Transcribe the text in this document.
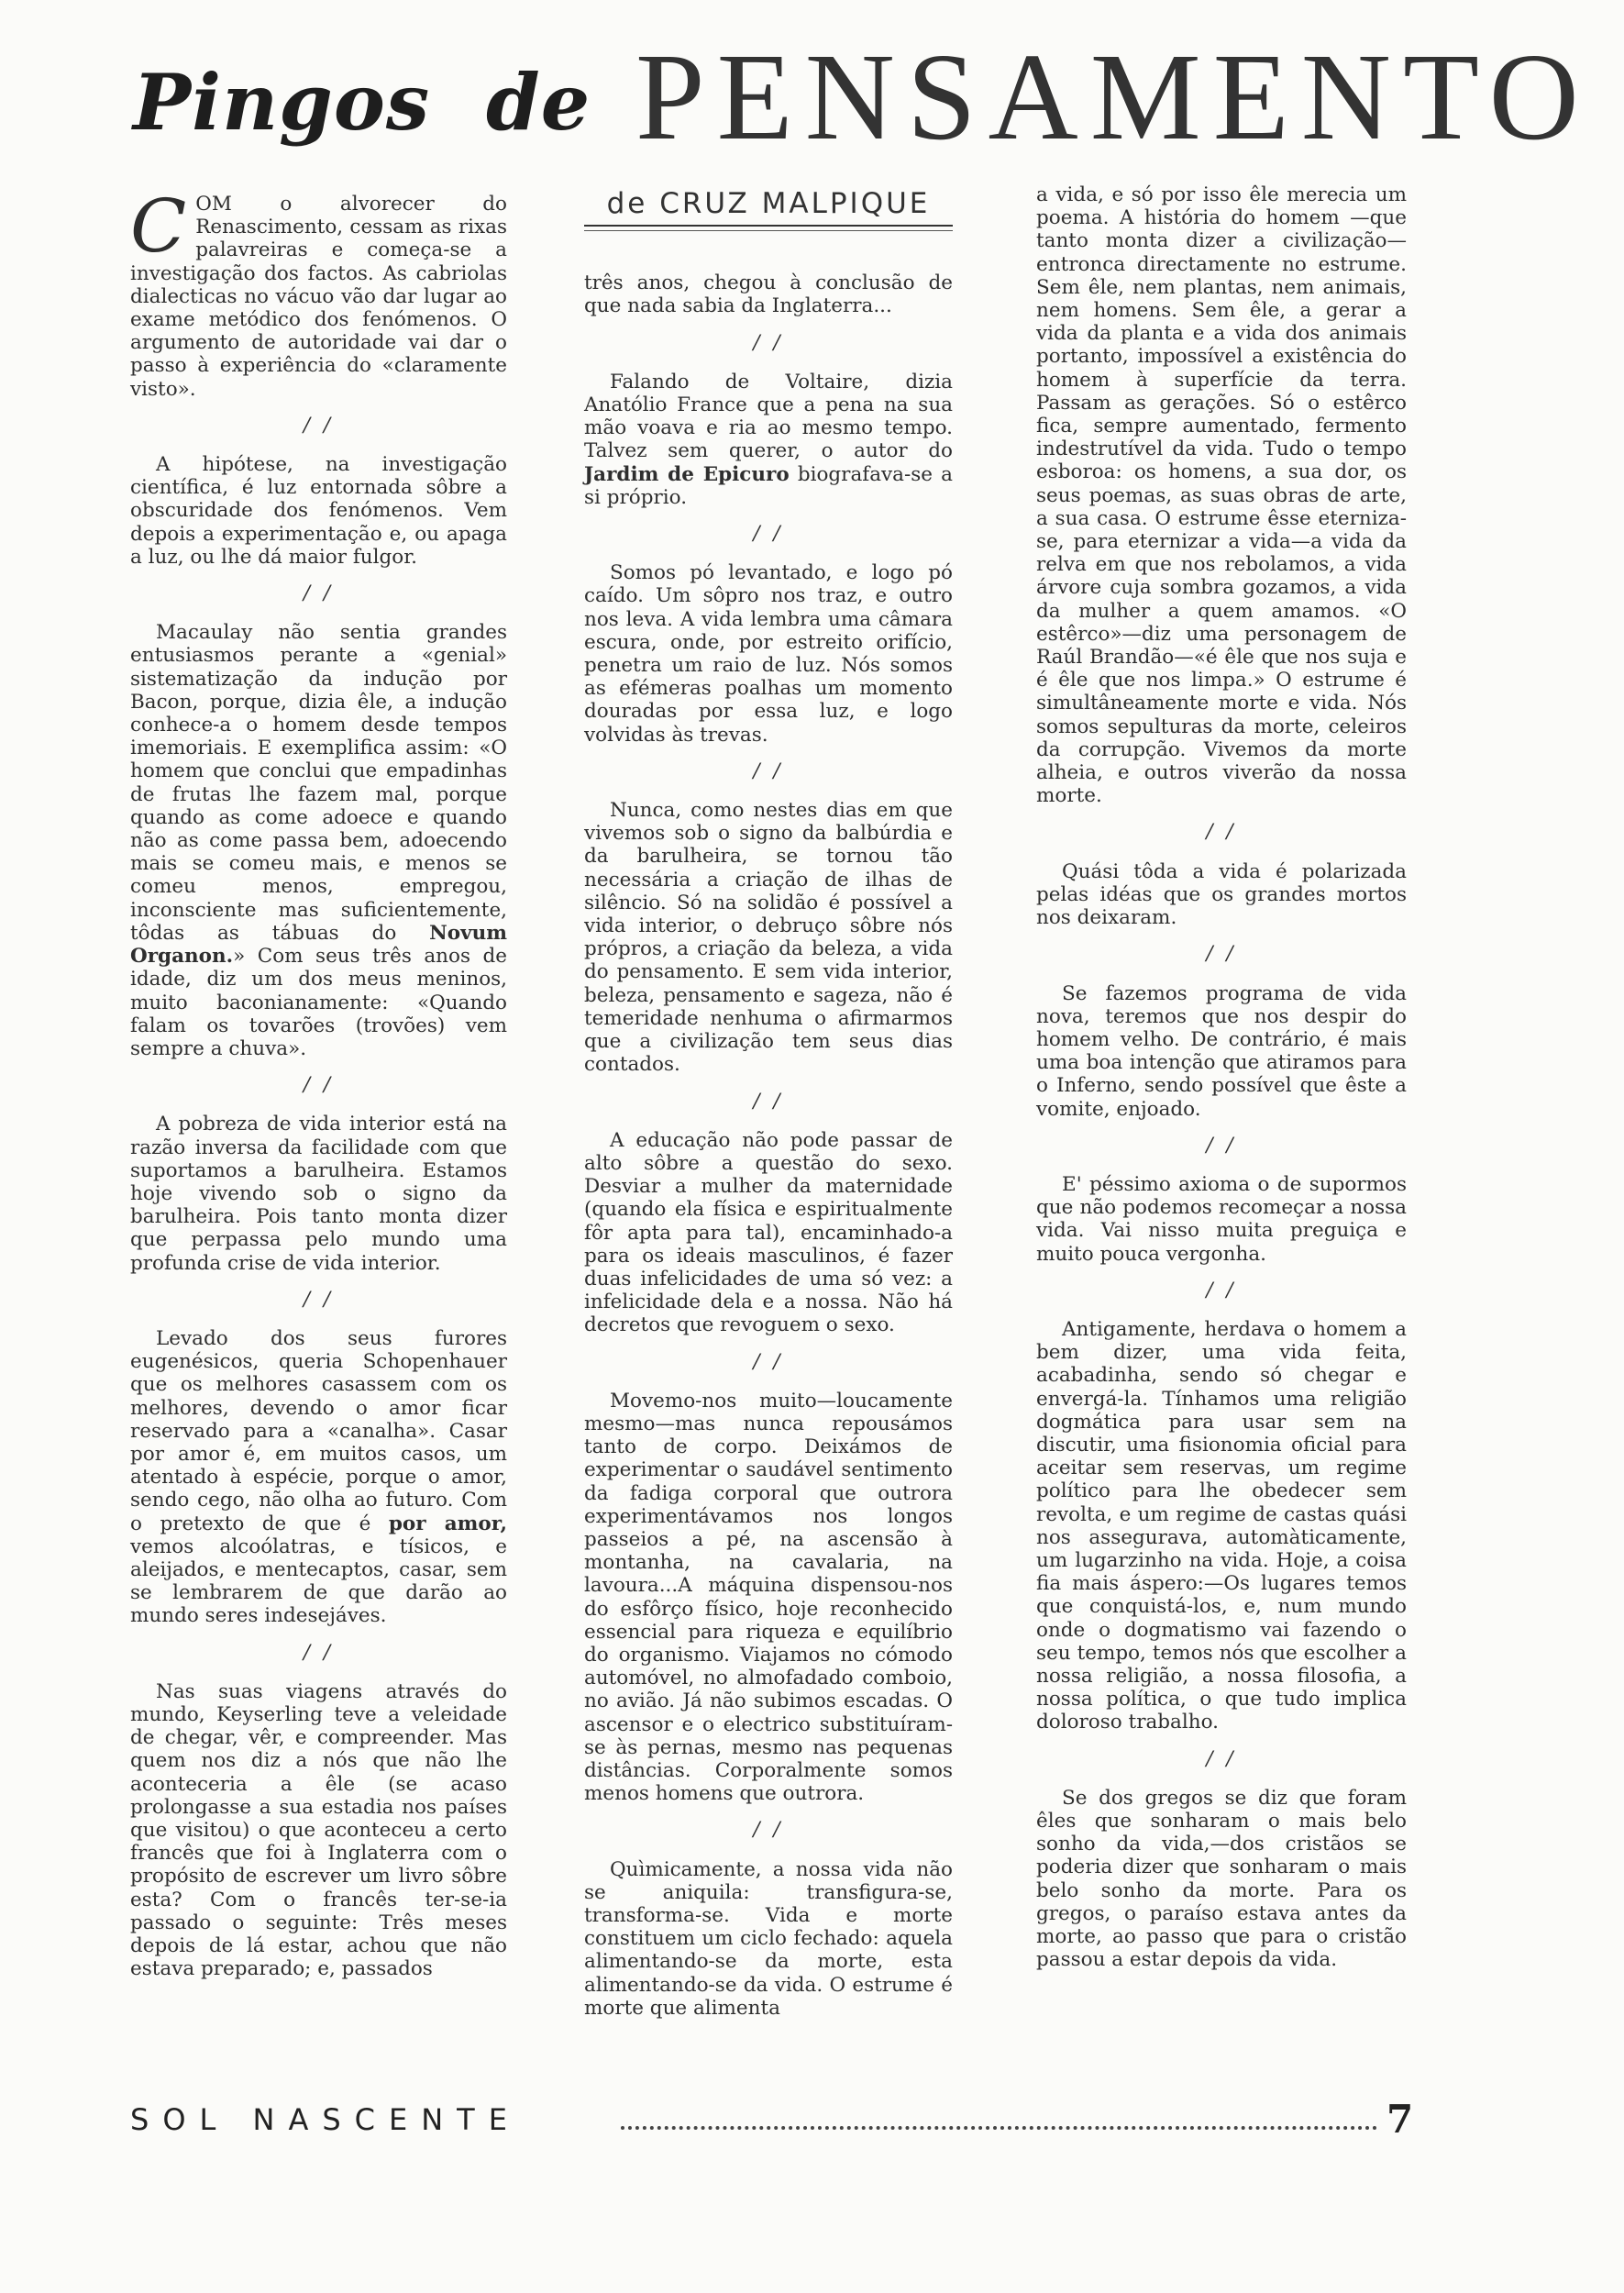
Pingos de PENSAMENTO

COM o alvorecer do Renascimento, cessam as rixas palavreiras e começa-se a investigação dos factos. As cabriolas dialecticas no vácuo vão dar lugar ao exame metódico dos fenómenos. O argumento de autoridade vai dar o passo à experiência do «claramente visto».

/ /

A hipótese, na investigação científica, é luz entornada sôbre a obscuridade dos fenómenos. Vem depois a experimentação e, ou apaga a luz, ou lhe dá maior fulgor.

/ /

Macaulay não sentia grandes entusiasmos perante a «genial» sistematização da indução por Bacon, porque, dizia êle, a indução conhece-a o homem desde tempos imemoriais. E exemplifica assim: «O homem que conclui que empadinhas de frutas lhe fazem mal, porque quando as come adoece e quando não as come passa bem, adoecendo mais se comeu mais, e menos se comeu menos, empregou, inconsciente mas suficientemente, tôdas as tábuas do Novum Organon.» Com seus três anos de idade, diz um dos meus meninos, muito baconianamente: «Quando falam os tovarões (trovões) vem sempre a chuva».

/ /

A pobreza de vida interior está na razão inversa da facilidade com que suportamos a barulheira. Estamos hoje vivendo sob o signo da barulheira. Pois tanto monta dizer que perpassa pelo mundo uma profunda crise de vida interior.

/ /

Levado dos seus furores eugenésicos, queria Schopenhauer que os melhores casassem com os melhores, devendo o amor ficar reservado para a «canalha». Casar por amor é, em muitos casos, um atentado à espécie, porque o amor, sendo cego, não olha ao futuro. Com o pretexto de que é por amor, vemos alcoólatras, e tísicos, e aleijados, e mentecaptos, casar, sem se lembrarem de que darão ao mundo seres indesejáves.

/ /

Nas suas viagens através do mundo, Keyserling teve a veleidade de chegar, vêr, e compreender. Mas quem nos diz a nós que não lhe aconteceria a êle (se acaso prolongasse a sua estadia nos países que visitou) o que aconteceu a certo francês que foi à Inglaterra com o propósito de escrever um livro sôbre esta? Com o francês ter-se-ia passado o seguinte: Três meses depois de lá estar, achou que não estava preparado; e, passados

de CRUZ MALPIQUE

três anos, chegou à conclusão de que nada sabia da Inglaterra...

/ /

Falando de Voltaire, dizia Anatólio France que a pena na sua mão voava e ria ao mesmo tempo. Talvez sem querer, o autor do Jardim de Epicuro biografava-se a si próprio.

/ /

Somos pó levantado, e logo pó caído. Um sôpro nos traz, e outro nos leva. A vida lembra uma câmara escura, onde, por estreito orifício, penetra um raio de luz. Nós somos as efémeras poalhas um momento douradas por essa luz, e logo volvidas às trevas.

/ /

Nunca, como nestes dias em que vivemos sob o signo da balbúrdia e da barulheira, se tornou tão necessária a criação de ilhas de silêncio. Só na solidão é possível a vida interior, o debruço sôbre nós própros, a criação da beleza, a vida do pensamento. E sem vida interior, beleza, pensamento e sageza, não é temeridade nenhuma o afirmarmos que a civilização tem seus dias contados.

/ /

A educação não pode passar de alto sôbre a questão do sexo. Desviar a mulher da maternidade (quando ela física e espiritualmente fôr apta para tal), encaminhado-a para os ideais masculinos, é fazer duas infelicidades de uma só vez: a infelicidade dela e a nossa. Não há decretos que revoguem o sexo.

/ /

Movemo-nos muito—loucamente mesmo—mas nunca repousámos tanto de corpo. Deixámos de experimentar o saudável sentimento da fadiga corporal que outrora experimentávamos nos longos passeios a pé, na ascensão à montanha, na cavalaria, na lavoura...A máquina dispensou-nos do esfôrço físico, hoje reconhecido essencial para riqueza e equilíbrio do organismo. Viajamos no cómodo automóvel, no almofadado comboio, no avião. Já não subimos escadas. O ascensor e o electrico substituíram-se às pernas, mesmo nas pequenas distâncias. Corporalmente somos menos homens que outrora.

/ /

Quìmicamente, a nossa vida não se aniquila: transfigura-se, transforma-se. Vida e morte constituem um ciclo fechado: aquela alimentando-se da morte, esta alimentando-se da vida. O estrume é morte que alimenta

a vida, e só por isso êle merecia um poema. A história do homem —que tanto monta dizer a civilização—entronca directamente no estrume. Sem êle, nem plantas, nem animais, nem homens. Sem êle, a gerar a vida da planta e a vida dos animais portanto, impossível a existência do homem à superfície da terra. Passam as gerações. Só o estêrco fica, sempre aumentado, fermento indestrutível da vida. Tudo o tempo esboroa: os homens, a sua dor, os seus poemas, as suas obras de arte, a sua casa. O estrume êsse eterniza-se, para eternizar a vida—a vida da relva em que nos rebolamos, a vida árvore cuja sombra gozamos, a vida da mulher a quem amamos. «O estêrco»—diz uma personagem de Raúl Brandão—«é êle que nos suja e é êle que nos limpa.» O estrume é simultâneamente morte e vida. Nós somos sepulturas da morte, celeiros da corrupção. Vivemos da morte alheia, e outros viverão da nossa morte.

/ /

Quási tôda a vida é polarizada pelas idéas que os grandes mortos nos deixaram.

/ /

Se fazemos programa de vida nova, teremos que nos despir do homem velho. De contrário, é mais uma boa intenção que atiramos para o Inferno, sendo possível que êste a vomite, enjoado.

/ /

E' péssimo axioma o de supormos que não podemos recomeçar a nossa vida. Vai nisso muita preguiça e muito pouca vergonha.

/ /

Antigamente, herdava o homem a bem dizer, uma vida feita, acabadinha, sendo só chegar e envergá-la. Tínhamos uma religião dogmática para usar sem na discutir, uma fisionomia oficial para aceitar sem reservas, um regime político para lhe obedecer sem revolta, e um regime de castas quási nos assegurava, automàticamente, um lugarzinho na vida. Hoje, a coisa fia mais áspero:—Os lugares temos que conquistá-los, e, num mundo onde o dogmatismo vai fazendo o seu tempo, temos nós que escolher a nossa religião, a nossa filosofia, a nossa política, o que tudo implica doloroso trabalho.

/ /

Se dos gregos se diz que foram êles que sonharam o mais belo sonho da vida,—dos cristãos se poderia dizer que sonharam o mais belo sonho da morte. Para os gregos, o paraíso estava antes da morte, ao passo que para o cristão passou a estar depois da vida.

SOL NASCENTE	7
